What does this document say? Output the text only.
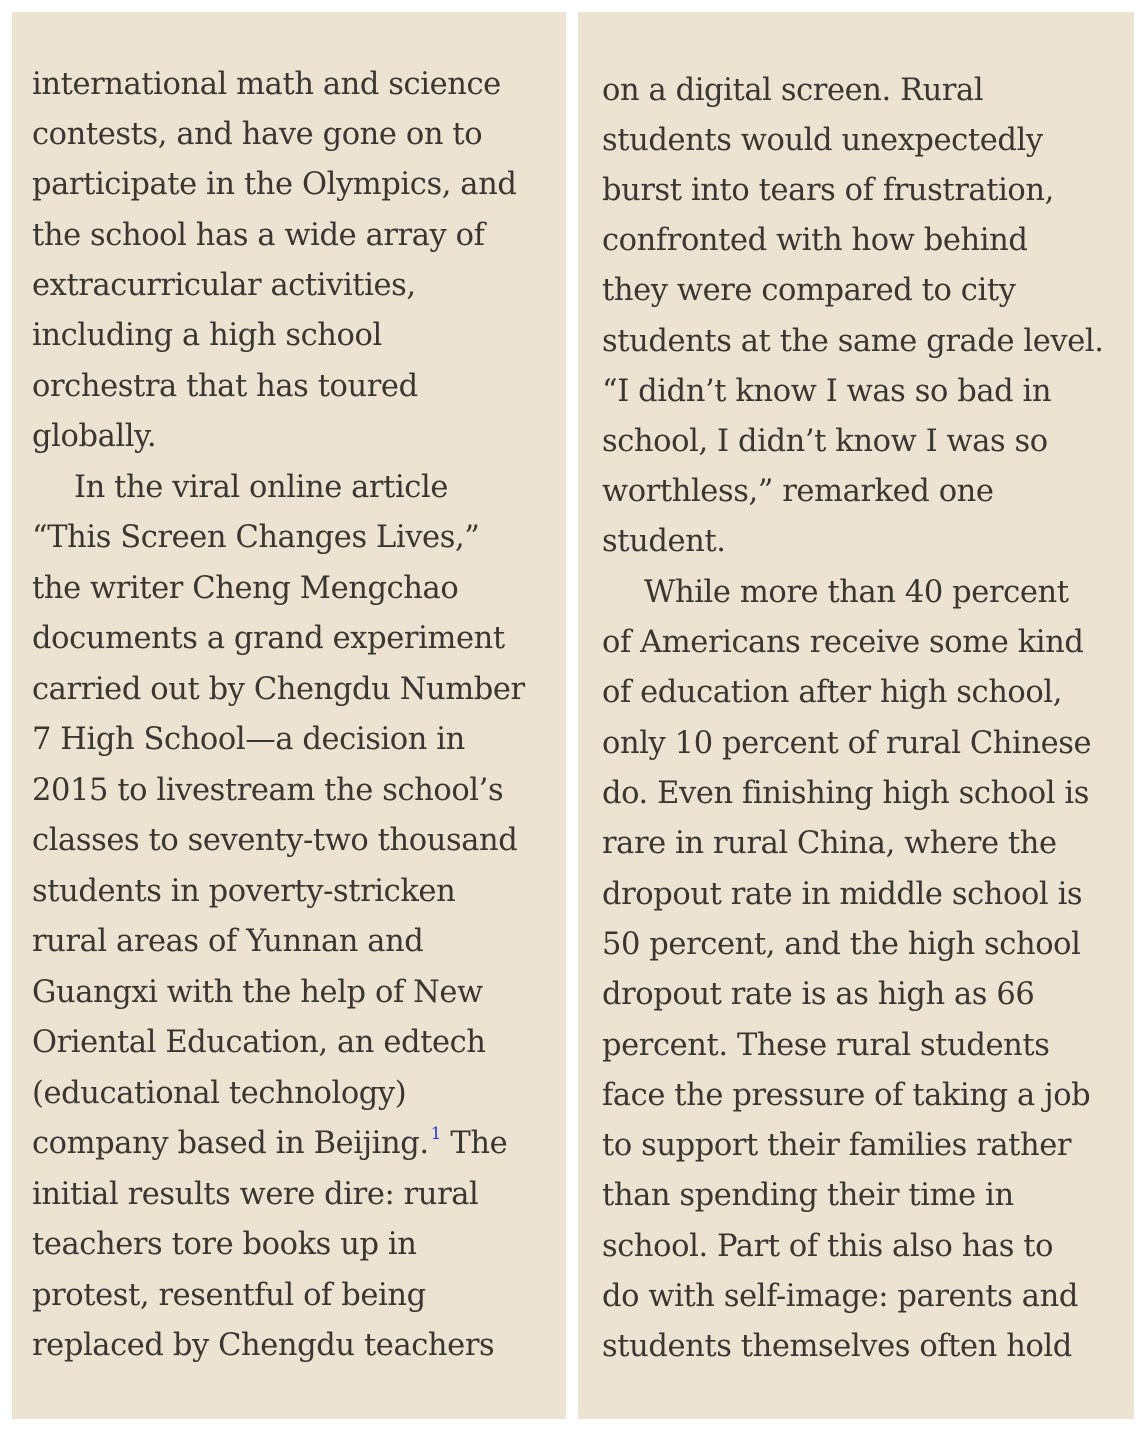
international math and science
contests, and have gone on to
participate in the Olympics, and
the school has a wide array of
extracurricular activities,
including a high school
orchestra that has toured
globally.
In the viral online article
“This Screen Changes Lives,”
the writer Cheng Mengchao
documents a grand experiment
carried out by Chengdu Number
7 High School—a decision in
2015 to livestream the school’s
classes to seventy-two thousand
students in poverty-stricken
rural areas of Yunnan and
Guangxi with the help of New
Oriental Education, an edtech
(educational technology)
company based in Beijing. $^1$ The
initial results were dire: rural
teachers tore books up in
protest, resentful of being
replaced by Chengdu teachers
on a digital screen. Rural
students would unexpectedly
burst into tears of frustration,
confronted with how behind
they were compared to city
students at the same grade level.
“I didn’t know I was so bad in
school, I didn’t know I was so
worthless,” remarked one
student.
While more than 40 percent
of Americans receive some kind
of education after high school,
only 10 percent of rural Chinese
do. Even finishing high school is
rare in rural China, where the
dropout rate in middle school is
50 percent, and the high school
dropout rate is as high as 66
percent. These rural students
face the pressure of taking a job
to support their families rather
than spending their time in
school. Part of this also has to
do with self-image: parents and
students themselves often hold
